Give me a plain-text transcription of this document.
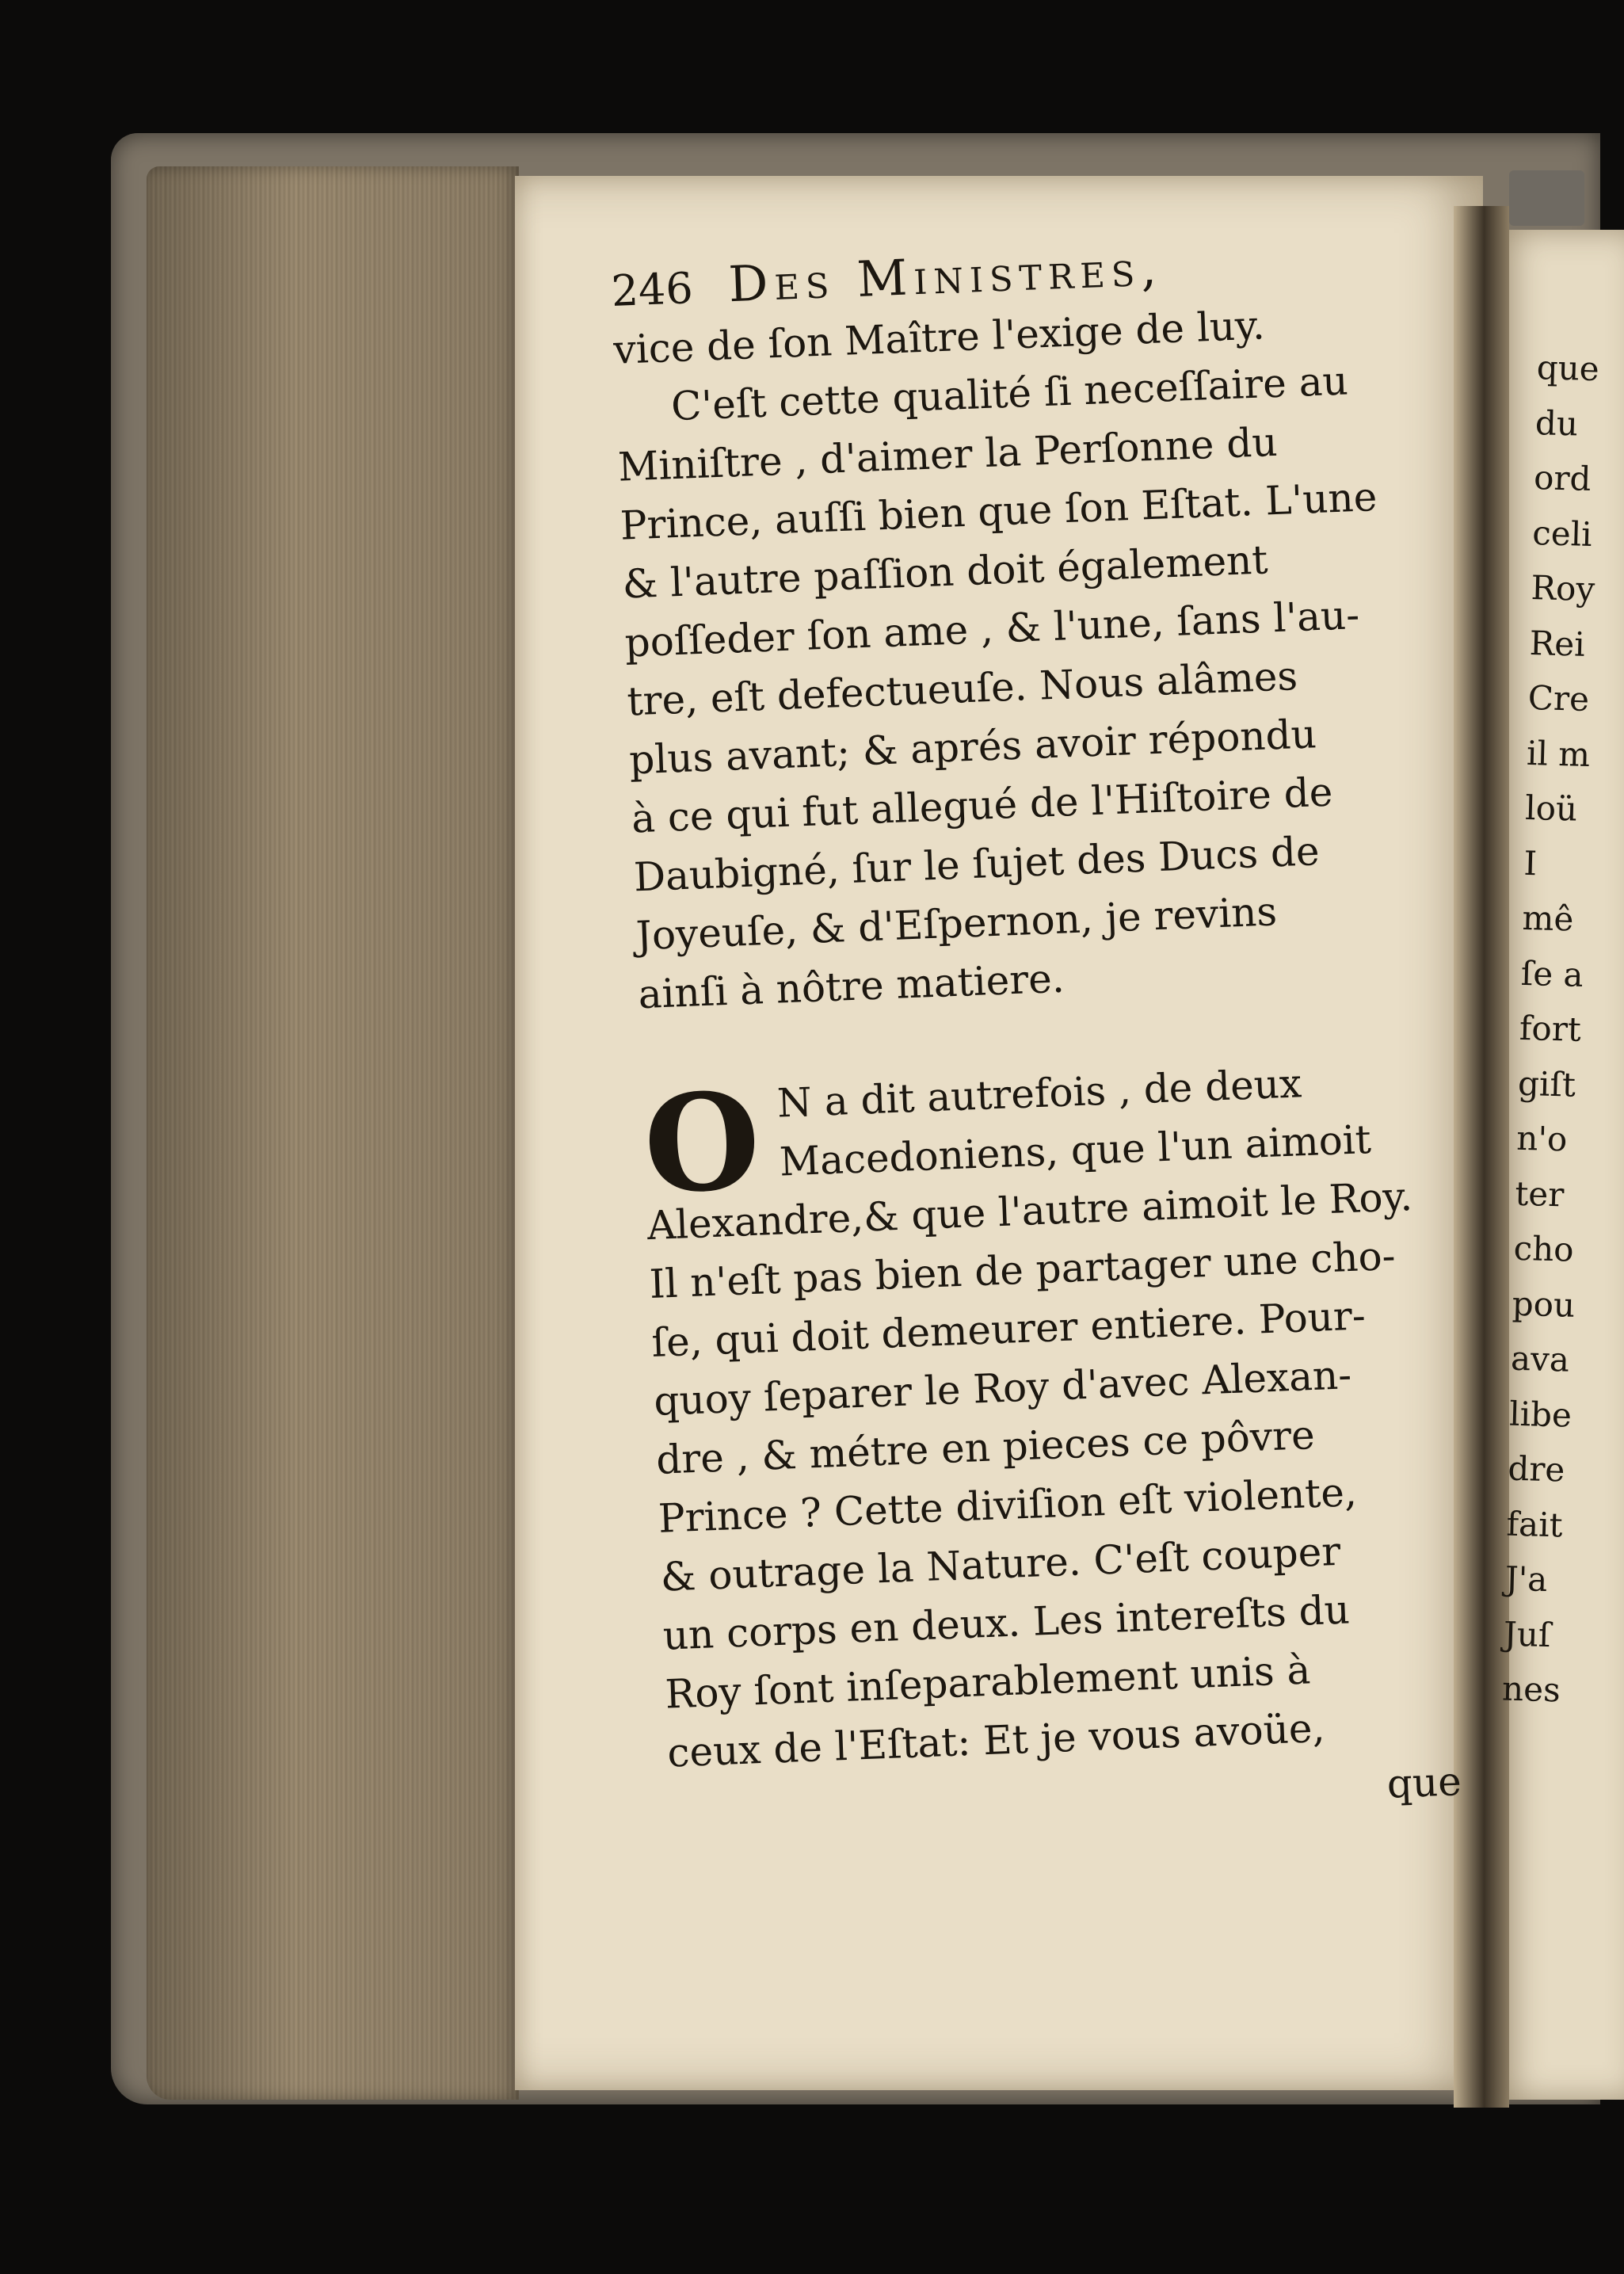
246 Des Ministres,
vice de ſon Maître l'exige de luy.
C'eſt cette qualité ſi neceſſaire au
Miniſtre , d'aimer la Perſonne du
Prince, auſſi bien que ſon Eſtat. L'une
& l'autre paſſion doit également
poſſeder ſon ame , & l'une, ſans l'au-
tre, eſt defectueuſe. Nous alâmes
plus avant; & aprés avoir répondu
à ce qui fut allegué de l'Hiſtoire de
Daubigné, ſur le ſujet des Ducs de
Joyeuſe, & d'Eſpernon, je revins
ainſi à nôtre matiere.
O N a dit autrefois , de deux
Macedoniens, que l'un aimoit
Alexandre,& que l'autre aimoit le Roy.
Il n'eſt pas bien de partager une cho-
ſe, qui doit demeurer entiere. Pour-
quoy ſeparer le Roy d'avec Alexan-
dre , & métre en pieces ce pôvre
Prince ? Cette diviſion eſt violente,
& outrage la Nature. C'eſt couper
un corps en deux. Les intereſts du
Roy ſont inſeparablement unis à
ceux de l'Eſtat: Et je vous avoüe,
que
que
du
ord
celi
Roy
Rei
Cre
il m
loü
I
mê
ſe a
fort
giſt
n'o
ter
cho
pou
ava
libe
dre
fait
J'a
Juſ
nes
